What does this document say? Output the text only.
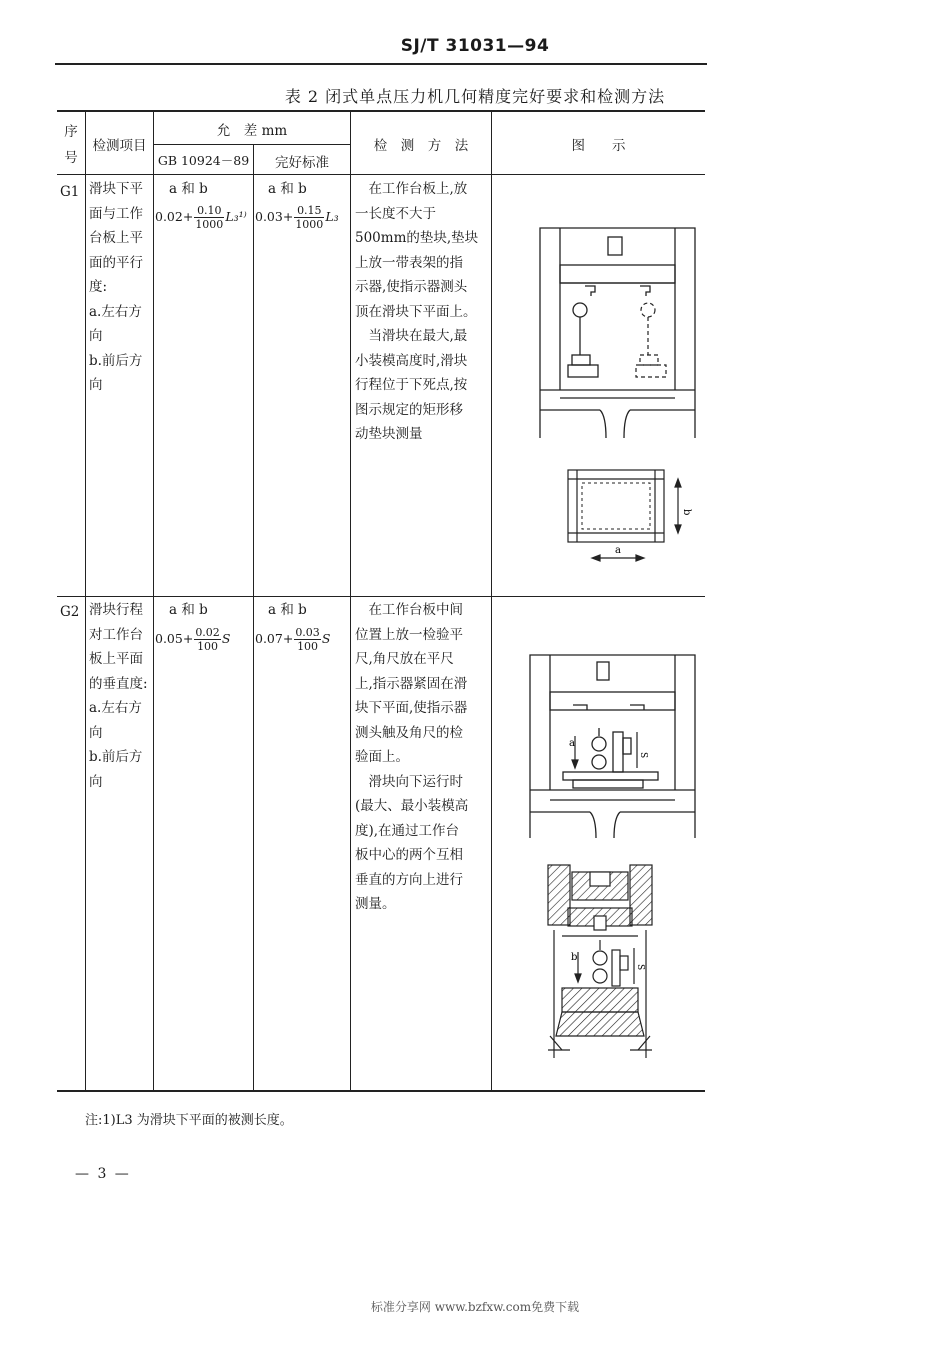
SJ/T 31031—94
表 2 闭式单点压力机几何精度完好要求和检测方法
序
号
检测项目
允　差 mm
GB 10924－89	完好标准
检　测　方　法	图　　示
G1 滑块下平
面与工作
台板上平
面的平行
度:
a.左右方
向
b.前后方
向
a 和 b
$0.02+ \frac{0.10}{1000} L_3^{1)}$
a 和 b
$0.03+ \frac{0.15}{1000} L_3$
　在工作台板上,放
一长度不大于
500mm的垫块,垫块
上放一带表架的指
示器,使指示器测头
顶在滑块下平面上。
　当滑块在最大,最
小装模高度时,滑块
行程位于下死点,按
图示规定的矩形移
动垫块测量
b
a
G2 滑块行程
对工作台
板上平面
的垂直度:
a.左右方
向
b.前后方
向
a 和 b
$0.05+ \frac{0.02}{100}$ S
a 和 b
$0.07+ \frac{0.03}{100}$ S
　在工作台板中间
位置上放一检验平
尺,角尺放在平尺
上,指示器紧固在滑
块下平面,使指示器
测头触及角尺的检
验面上。
　滑块向下运行时
(最大、最小装模高
度),在通过工作台
板中心的两个互相
垂直的方向上进行
测量。
a
S
b
S
注:1)L3 为滑块下平面的被测长度。
— 3 —
标准分享网 www.bzfxw.com免费下载
